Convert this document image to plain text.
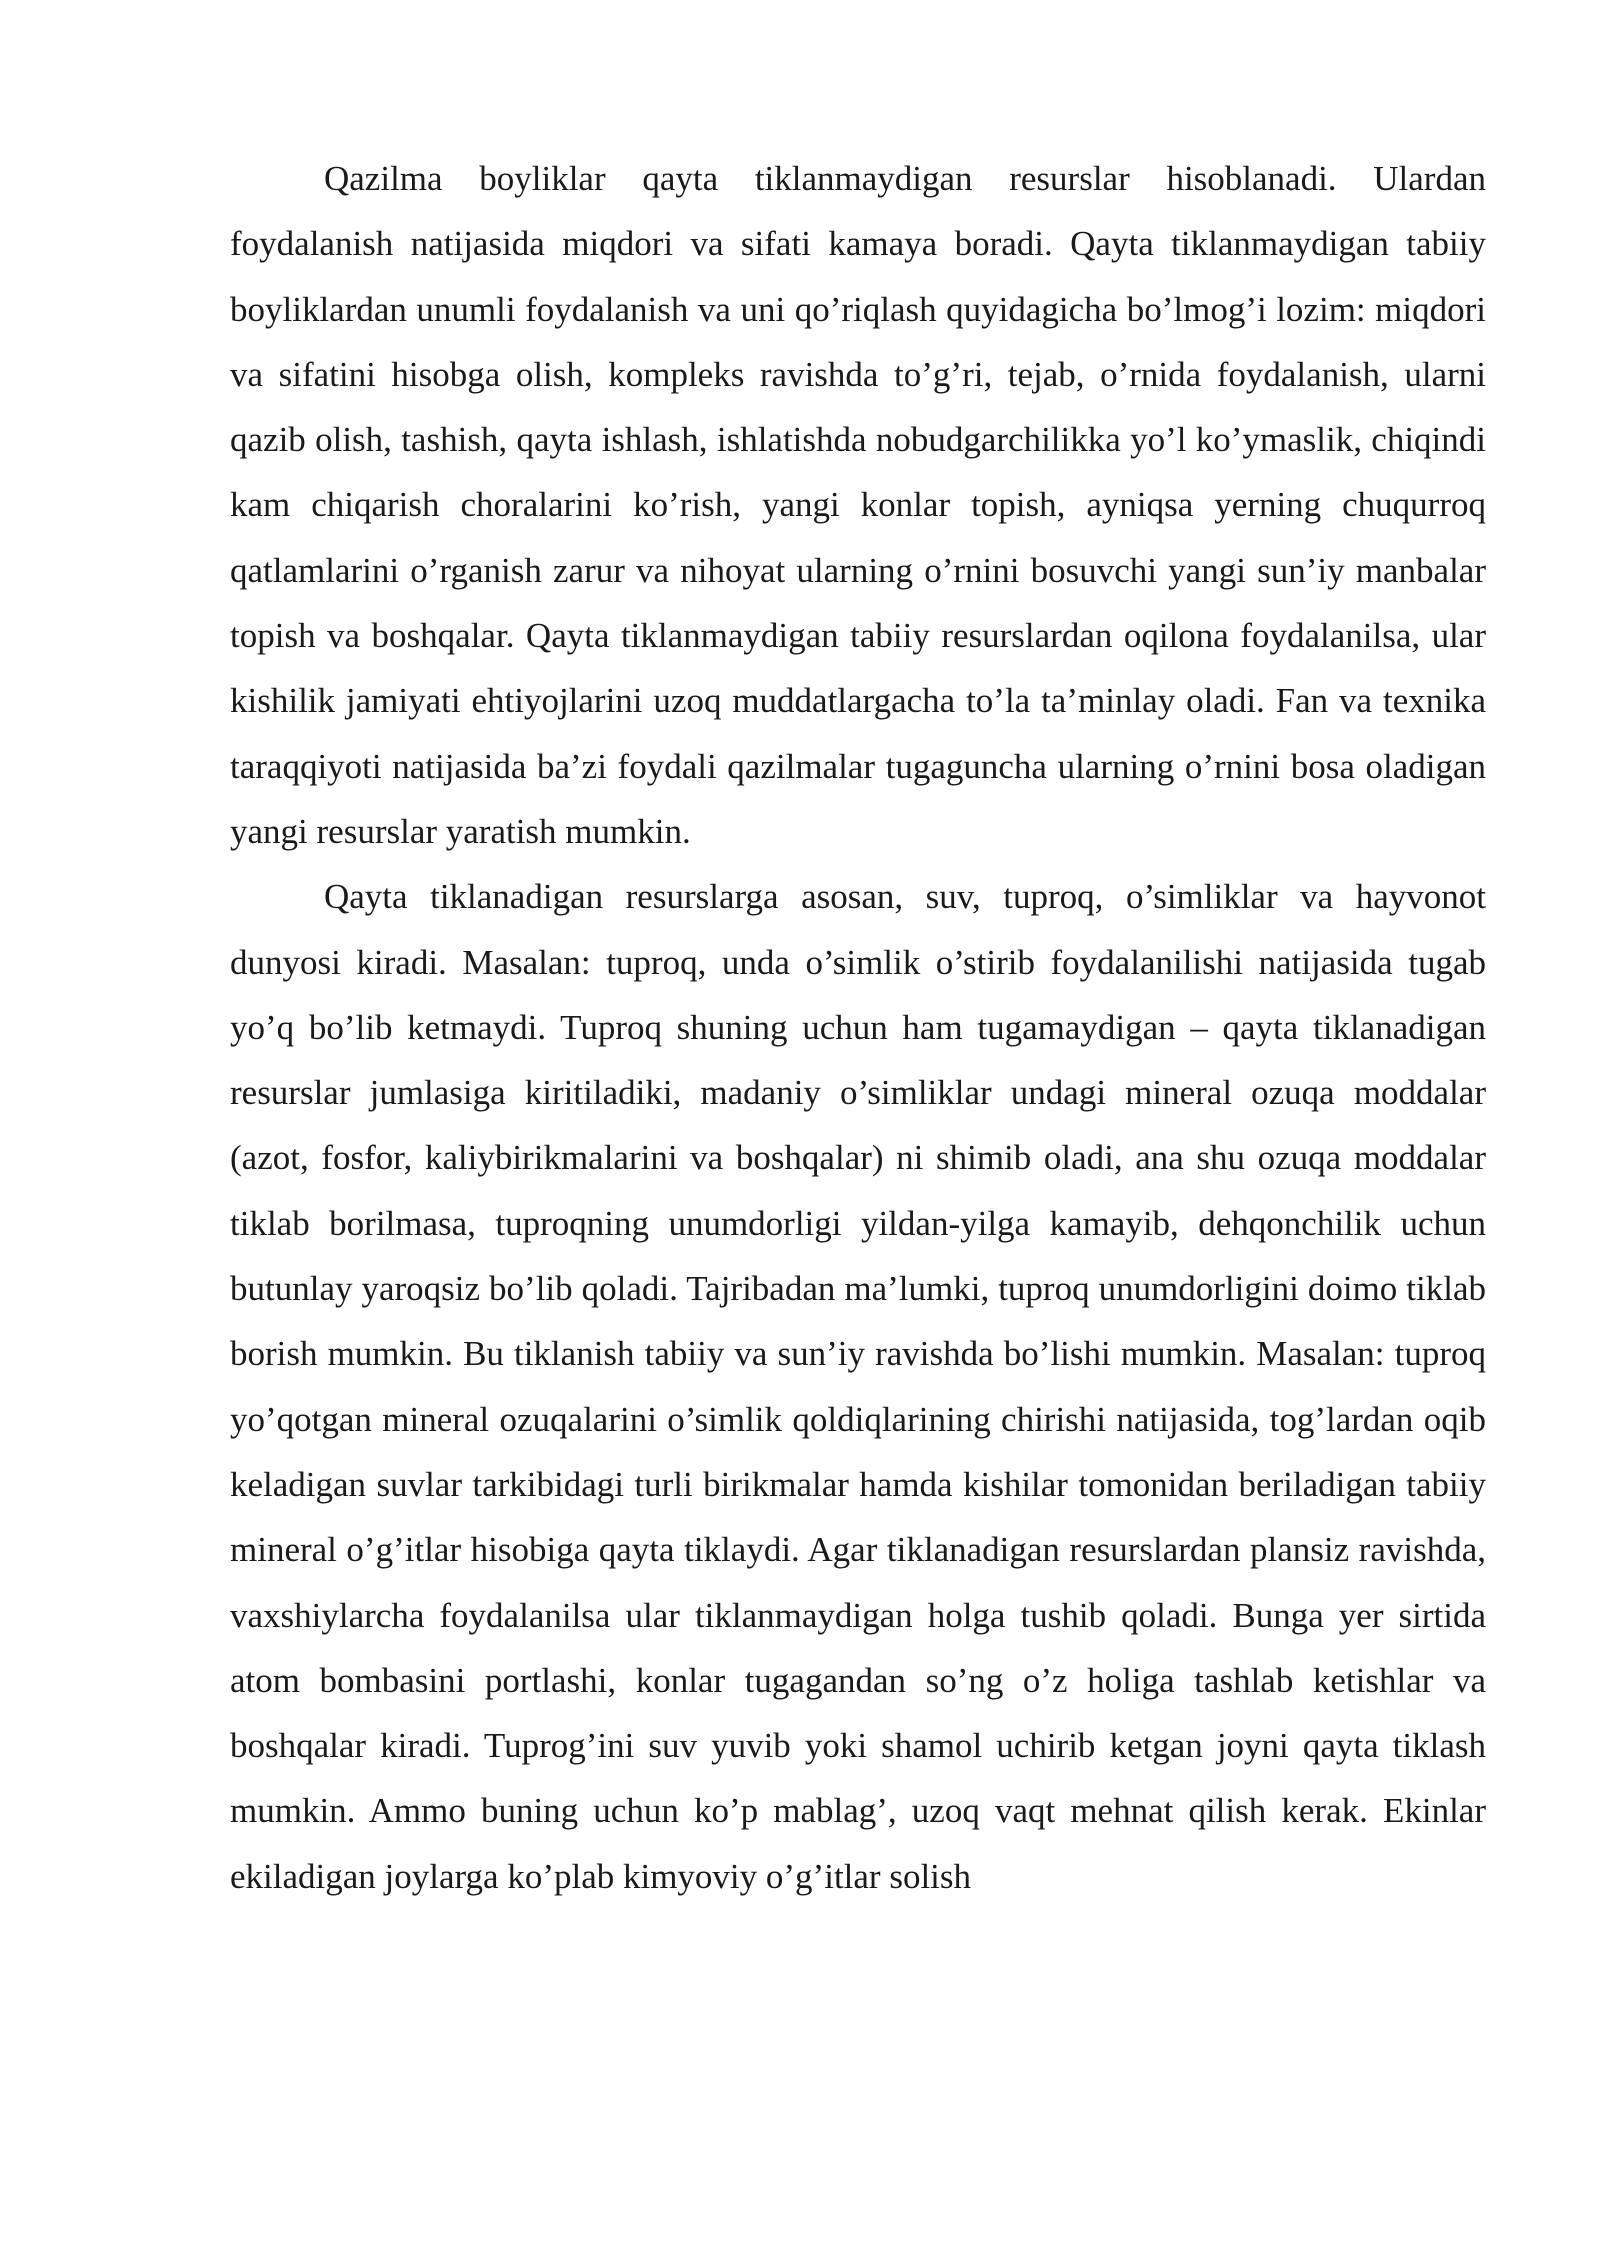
Qazilma boyliklar qayta tiklanmaydigan resurslar hisoblanadi. Ulardan foydalanish natijasida miqdori va sifati kamaya boradi. Qayta tiklanmaydigan tabiiy boyliklardan unumli foydalanish va uni qo’riqlash quyidagicha bo’lmog’i lozim: miqdori va sifatini hisobga olish, kompleks ravishda to’g’ri, tejab, o’rnida foydalanish, ularni qazib olish, tashish, qayta ishlash, ishlatishda nobudgarchilikka yo’l ko’ymaslik, chiqindi kam chiqarish choralarini ko’rish, yangi konlar topish, ayniqsa yerning chuqurroq qatlamlarini o’rganish zarur va nihoyat ularning o’rnini bosuvchi yangi sun’iy manbalar topish va boshqalar. Qayta tiklanmaydigan tabiiy resurslardan oqilona foydalanilsa, ular kishilik jamiyati ehtiyojlarini uzoq muddatlargacha to’la ta’minlay oladi. Fan va texnika taraqqiyoti natijasida ba’zi foydali qazilmalar tugaguncha ularning o’rnini bosa oladigan yangi resurslar yaratish mumkin.

Qayta tiklanadigan resurslarga asosan, suv, tuproq, o’simliklar va hayvonot dunyosi kiradi. Masalan: tuproq, unda o’simlik o’stirib foydalanilishi natijasida tugab yo’q bo’lib ketmaydi. Tuproq shuning uchun ham tugamaydigan – qayta tiklanadigan resurslar jumlasiga kiritiladiki, madaniy o’simliklar undagi mineral ozuqa moddalar (azot, fosfor, kaliybirikmalarini va boshqalar) ni shimib oladi, ana shu ozuqa moddalar tiklab borilmasa, tuproqning unumdorligi yildan-yilga kamayib, dehqonchilik uchun butunlay yaroqsiz bo’lib qoladi. Tajribadan ma’lumki, tuproq unumdorligini doimo tiklab borish mumkin. Bu tiklanish tabiiy va sun’iy ravishda bo’lishi mumkin. Masalan: tuproq yo’qotgan mineral ozuqalarini o’simlik qoldiqlarining chirishi natijasida, tog’lardan oqib keladigan suvlar tarkibidagi turli birikmalar hamda kishilar tomonidan beriladigan tabiiy mineral o’g’itlar hisobiga qayta tiklaydi. Agar tiklanadigan resurslardan plansiz ravishda, vaxshiylarcha foydalanilsa ular tiklanmaydigan holga tushib qoladi. Bunga yer sirtida atom bombasini portlashi, konlar tugagandan so’ng o’z holiga tashlab ketishlar va boshqalar kiradi. Tuprog’ini suv yuvib yoki shamol uchirib ketgan joyni qayta tiklash mumkin. Ammo buning uchun ko’p mablag’, uzoq vaqt mehnat qilish kerak. Ekinlar ekiladigan joylarga ko’plab kimyoviy o’g’itlar solish
